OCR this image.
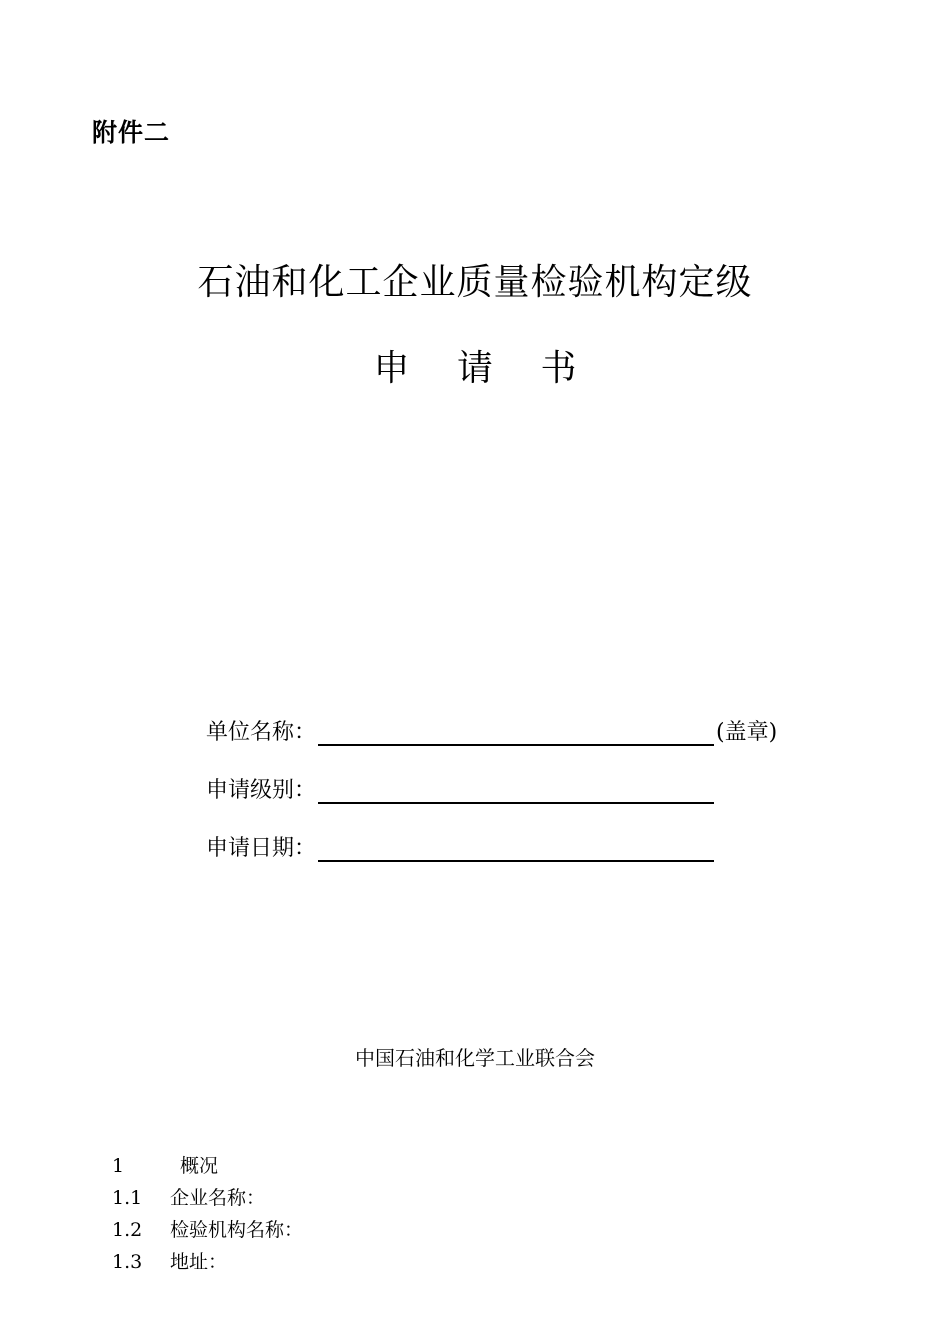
附件二
石油和化工企业质量检验机构定级
申 请 书
单位名称：	(盖章)
申请级别：
申请日期：
中国石油和化学工业联合会
1	概况
1.1	企业名称：
1.2	检验机构名称：
1.3	地址：
